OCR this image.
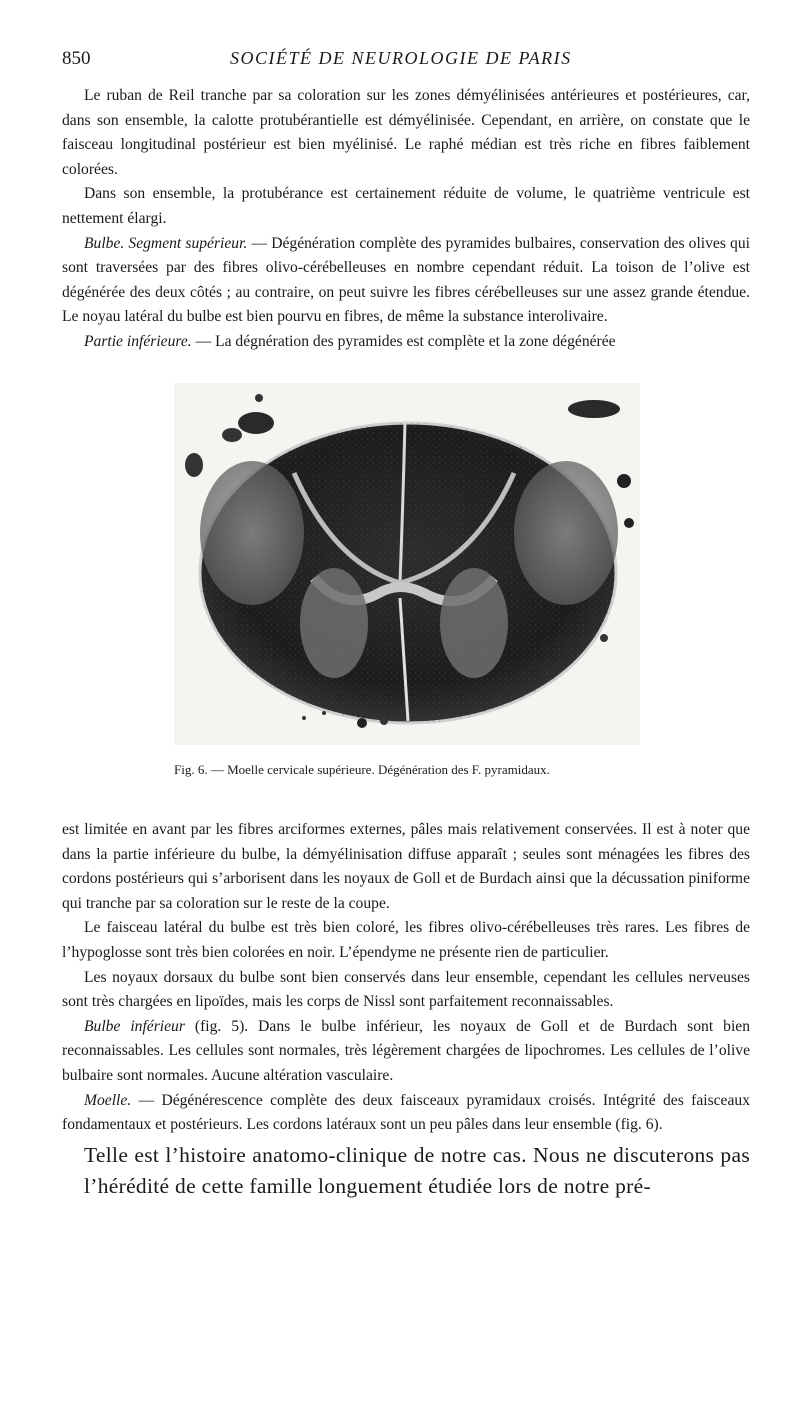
850	SOCIÉTÉ DE NEUROLOGIE DE PARIS

Le ruban de Reil tranche par sa coloration sur les zones démyélinisées antérieures et postérieures, car, dans son ensemble, la calotte protubérantielle est démyélinisée. Cependant, en arrière, on constate que le faisceau longitudinal postérieur est bien myélinisé. Le raphé médian est très riche en fibres faiblement colorées.

Dans son ensemble, la protubérance est certainement réduite de volume, le quatrième ventricule est nettement élargi.

Bulbe. Segment supérieur. — Dégénération complète des pyramides bulbaires, conservation des olives qui sont traversées par des fibres olivo-cérébelleuses en nombre cependant réduit. La toison de l’olive est dégénérée des deux côtés ; au contraire, on peut suivre les fibres cérébelleuses sur une assez grande étendue. Le noyau latéral du bulbe est bien pourvu en fibres, de même la substance interolivaire.

Partie inférieure. — La dégnération des pyramides est complète et la zone dégénérée

Fig. 6. — Moelle cervicale supérieure. Dégénération des F. pyramidaux.

est limitée en avant par les fibres arciformes externes, pâles mais relativement conservées. Il est à noter que dans la partie inférieure du bulbe, la démyélinisation diffuse apparaît ; seules sont ménagées les fibres des cordons postérieurs qui s’arborisent dans les noyaux de Goll et de Burdach ainsi que la décussation piniforme qui tranche par sa coloration sur le reste de la coupe.

Le faisceau latéral du bulbe est très bien coloré, les fibres olivo-cérébelleuses très rares. Les fibres de l’hypoglosse sont très bien colorées en noir. L’épendyme ne présente rien de particulier.

Les noyaux dorsaux du bulbe sont bien conservés dans leur ensemble, cependant les cellules nerveuses sont très chargées en lipoïdes, mais les corps de Nissl sont parfaitement reconnaissables.

Bulbe inférieur (fig. 5). Dans le bulbe inférieur, les noyaux de Goll et de Burdach sont bien reconnaissables. Les cellules sont normales, très légèrement chargées de lipochromes. Les cellules de l’olive bulbaire sont normales. Aucune altération vasculaire.

Moelle. — Dégénérescence complète des deux faisceaux pyramidaux croisés. Intégrité des faisceaux fondamentaux et postérieurs. Les cordons latéraux sont un peu pâles dans leur ensemble (fig. 6).

Telle est l’histoire anatomo-clinique de notre cas. Nous ne discuterons pas l’hérédité de cette famille longuement étudiée lors de notre pré-
